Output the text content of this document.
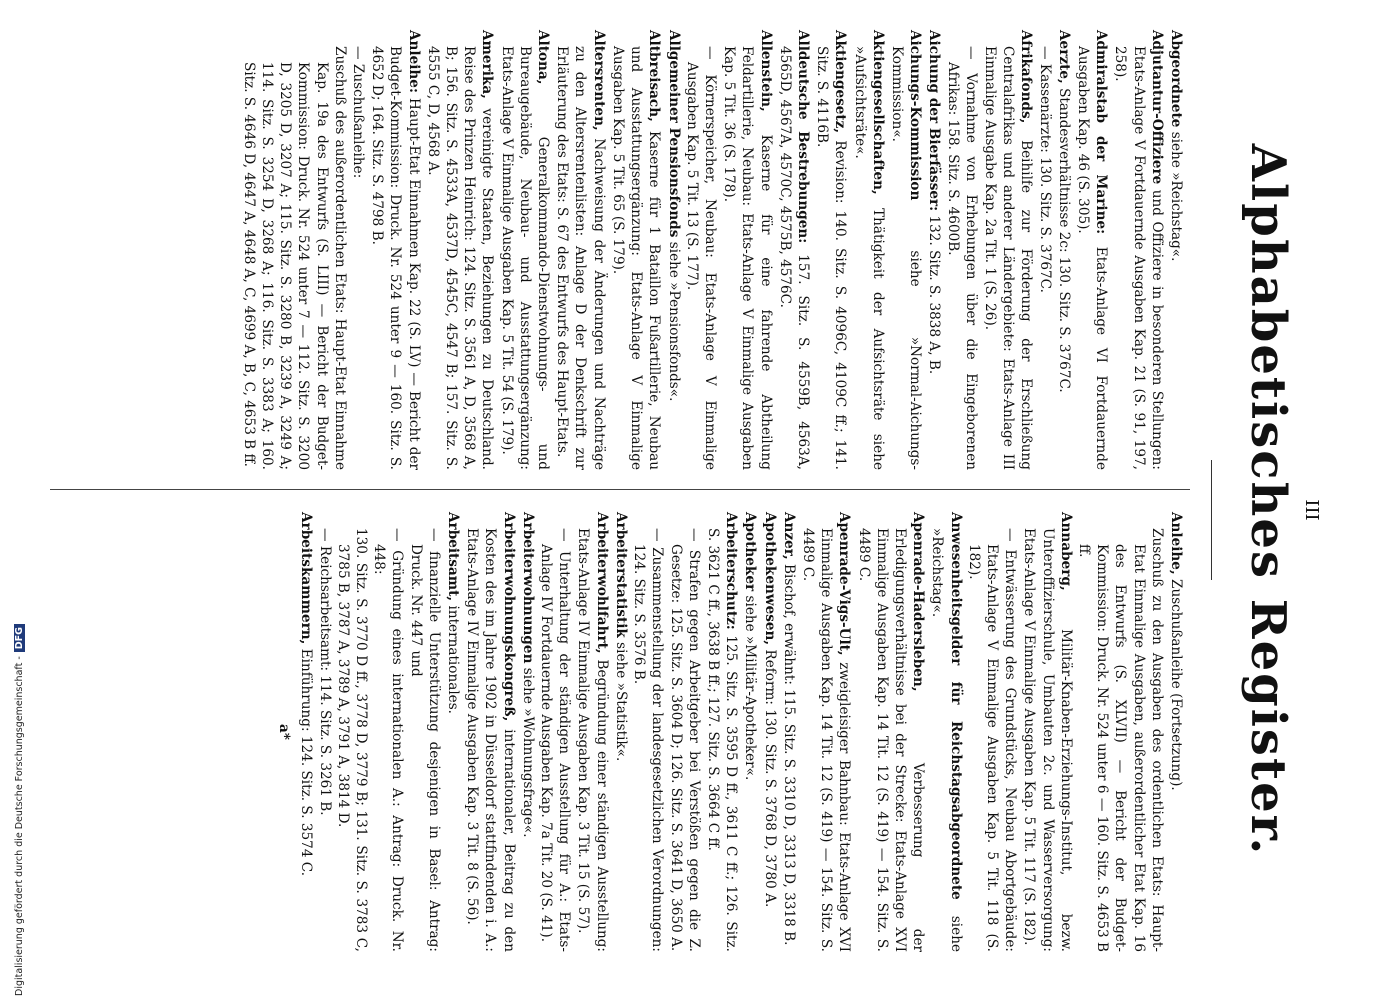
III
Alphabetisches Register.

Abgeordnete siehe »Reichstag«.

Adjutantur-Offiziere und Offiziere in besonderen Stellungen: Etats-Anlage V Fortdauernde Ausgaben Kap. 21 (S. 91, 197, 258).

Admiralstab der Marine: Etats-Anlage VI Fortdauernde Ausgaben Kap. 46 (S. 305).

Aerzte, Standesverhältnisse 2c: 130. Sitz. S. 3767C.

— Kassenärzte: 130. Sitz. S. 3767C.

Afrikafonds, Beihilfe zur Förderung der Erschließung Centralafrikas und anderer Ländergebiete: Etats-Anlage III Einmalige Ausgabe Kap. 2a Tit. 1 (S. 26).

— Vornahme von Erhebungen über die Eingeborenen Afrikas: 158. Sitz. S. 4600B.

Aichung der Bierfässer: 132. Sitz. S. 3838 A, B.

Aichungs-Kommission siehe »Normal-Aichungs-Kommission«.

Aktiengesellschaften, Thätigkeit der Aufsichtsräte siehe »Aufsichtsräte«.

Aktiengesetz, Revision: 140. Sitz. S. 4096C, 4109C ff.; 141. Sitz. S. 4116B.

Alldeutsche Bestrebungen: 157. Sitz. S. 4559B, 4563A, 4565D, 4567A, 4570C, 4575B, 4576C.

Allenstein, Kaserne für eine fahrende Abtheilung Feldartillerie, Neubau: Etats-Anlage V Einmalige Ausgaben Kap. 5 Tit. 36 (S. 178).

— Körnerspeicher, Neubau: Etats-Anlage V Einmalige Ausgaben Kap. 5 Tit. 13 (S. 177).

Allgemeiner Pensionsfonds siehe »Pensionsfonds«.

Altbreisach, Kaserne für 1 Bataillon Fußartillerie, Neubau und Ausstattungsergänzung: Etats-Anlage V Einmalige Ausgaben Kap. 5 Tit. 65 (S. 179).

Altersrenten, Nachweisung der Änderungen und Nachträge zu den Altersrentenlisten: Anlage D der Denkschrift zur Erläuterung des Etats: S. 67 des Entwurfs des Haupt-Etats.

Altona, Generalkommando-Dienstwohnungs- und Bureaugebäude, Neubau- und Ausstattungsergänzung: Etats-Anlage V Einmalige Ausgaben Kap. 5 Tit. 54 (S. 179).

Amerika, vereinigte Staaten, Beziehungen zu Deutschland. Reise des Prinzen Heinrich: 124. Sitz. S. 3561 A, D, 3568 A, B; 156. Sitz. S. 4533A, 4537D, 4545C, 4547 B; 157. Sitz. S. 4555 C, D, 4568 A.

Anleihe: Haupt-Etat Einnahmen Kap. 22 (S. LV) — Bericht der Budget-Kommission: Druck. Nr. 524 unter 9 — 160. Sitz. S. 4652 D; 164. Sitz. S. 4798 B.

— Zuschußanleihe:

Zuschuß des außerordentlichen Etats: Haupt-Etat Einnahme Kap. 19a des Entwurfs (S. LIII) — Bericht der Budget-Kommission: Druck. Nr. 524 unter 7 — 112. Sitz. S. 3200 D, 3205 D, 3207 A; 115. Sitz. S. 3280 B, 3239 A, 3249 A; 114. Sitz. S. 3254 D, 3268 A; 116. Sitz. S. 3383 A; 160. Sitz. S. 4646 D, 4647 A, 4648 A, C, 4699 A, B, C, 4653 B ff.

Anleihe, Zuschußanleihe (Fortsetzung).

Zuschuß zu den Ausgaben des ordentlichen Etats: Haupt-Etat Einmalige Ausgaben, außerordentlicher Etat Kap. 16 des Entwurfs (S. XLVII) — Bericht der Budget-Kommission: Druck. Nr. 524 unter 6 — 160. Sitz. S. 4653 B ff.

Annaberg, Militär-Knaben-Erziehungs-Institut, bezw. Unteroffizierschule, Umbauten 2c. und Wasserversorgung: Etats-Anlage V Einmalige Ausgaben Kap. 5 Tit. 117 (S. 182).

— Entwässerung des Grundstücks, Neubau Abortgebäude: Etats-Anlage V Einmalige Ausgaben Kap. 5 Tit. 118 (S. 182).

Anwesenheitsgelder für Reichstagsabgeordnete siehe »Reichstag«.

Apenrade-Hadersleben, Verbesserung der Erledigungsverhältnisse bei der Strecke: Etats-Anlage XVI Einmalige Ausgaben Kap. 14 Tit. 12 (S. 419) — 154. Sitz. S. 4489 C.

Apenrade-Vigs-Ult, zweigleisiger Bahnbau: Etats-Anlage XVI Einmalige Ausgaben Kap. 14 Tit. 12 (S. 419) — 154. Sitz. S. 4489 C.

Anzer, Bischof, erwähnt: 115. Sitz. S. 3310 D, 3313 D, 3318 B.

Apothekenwesen, Reform: 130. Sitz. S. 3768 D, 3780 A.

Apotheker siehe »Militär-Apotheker«.

Arbeiterschutz: 125. Sitz. S. 3595 D ff., 3611 C ff.; 126. Sitz. S. 3621 C ff., 3638 B ff.; 127. Sitz. S. 3664 C ff.

— Strafen gegen Arbeitgeber bei Verstößen gegen die Z. Gesetze: 125. Sitz. S. 3604 D; 126. Sitz. S. 3641 D, 3650 A.

— Zusammenstellung der landesgesetzlichen Verordnungen: 124. Sitz. S. 3576 B.

Arbeiterstatistik siehe »Statistik«.

Arbeiterwohlfahrt, Begründung einer ständigen Ausstellung: Etats-Anlage IV Einmalige Ausgaben Kap. 3 Tit. 15 (S. 57).

— Unterhaltung der ständigen Ausstellung für A.: Etats-Anlage IV Fortdauernde Ausgaben Kap. 7a Tit. 20 (S. 41).

Arbeiterwohnungen siehe »Wohnungsfrage«.

Arbeiterwohnungskongreß, internationaler, Beitrag zu den Kosten des im Jahre 1902 in Düsseldorf stattfindenden i. A.: Etats-Anlage IV Einmalige Ausgaben Kap. 3 Tit. 8 (S. 56).

Arbeitsamt, internationales.

— finanzielle Unterstützung desjenigen in Basel: Antrag: Druck. Nr. 447 und

— Gründung eines internationalen A.: Antrag: Druck. Nr. 448:

130. Sitz. S. 3770 D ff., 3778 D, 3779 B; 131. Sitz. S. 3783 C, 3785 B, 3787 A, 3789 A, 3791 A, 3814 D.

— Reichsarbeitsamt: 114. Sitz. S. 3261 B.

Arbeitskammern, Einführung: 124. Sitz. S. 3574 C.

a*

Digitalisierung gefördert durch die Deutsche Forschungsgemeinschaft -DFG
